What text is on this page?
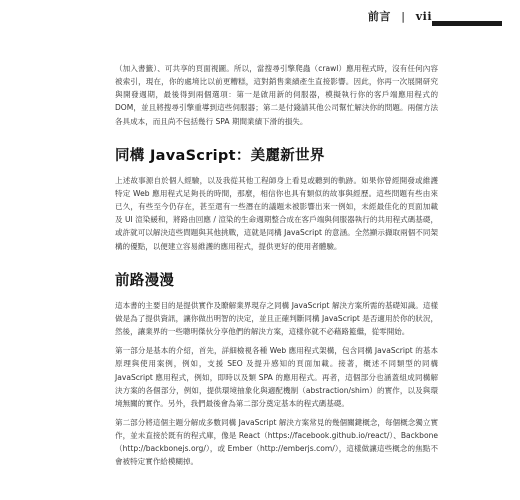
前言 | vii

（加入書籤）、可共享的頁面視圖。所以，當搜尋引擎爬蟲（crawl）應用程式時，沒有任何內容被索引，現在，你的處境比以前更糟糕，這對銷售業績產生直接影響。因此，你再一次展開研究與開發週期，最後得到兩個選項：第一是啟用新的伺服器，模擬執行你的客戶端應用程式的 DOM，並且將搜尋引擎重導到這些伺服器；第二是付錢請其他公司幫忙解決你的問題。兩個方法各具成本，而且尚不包括幾行 SPA 期間業績下滑的損失。

同構 JavaScript：美麗新世界

上述故事源自於個人經驗，以及我從其他工程師身上看見或聽到的軌跡。如果你曾經開發或維護特定 Web 應用程式足夠長的時間，那麼，相信你也具有類似的故事與經歷。這些問題有些由來已久，有些至今仍存在，甚至還有一些潛在的議題未被影響出來一例如，未經最佳化的頁面加載及 UI 渲染緩和，將路由回應 / 渲染的生命週期整合成在客戶端與伺服器執行的共用程式碼基礎，或許就可以解決這些問題與其他挑戰，這就是同構 JavaScript 的意涵。全然顯示擷取兩個不同架構的優點，以便建立容易維護的應用程式，提供更好的使用者體驗。

前路漫漫

這本書的主要目的是提供實作及瞭解業界現存之同構 JavaScript 解決方案所需的基礎知識。這樣做是為了提供資訊，讓你做出明智的決定，並且正確判斷同構 JavaScript 是否適用於你的狀況，然後，讓業界的一些聰明傑伙分享他們的解決方案，這樣你就不必藉路籃繼，從零開始。

第一部分是基本的介紹，首先，詳細檢視各種 Web 應用程式架構，包含同構 JavaScript 的基本原理與使用案例，例如，支援 SEO 及提升感知的頁面加載。接著，概述不同類型的同構 JavaScript 應用程式，例如，即時以及類 SPA 的應用程式。再者，這個部分也涵蓋組成同構解決方案的各個部分，例如，提供環境抽象化與適配機制（abstraction/shim）的實作，以及與環境無關的實作。另外，我們最後會為第二部分奠定基本的程式碼基礎。

第二部分將這個主題分解成多數同構 JavaScript 解決方案常見的幾個關鍵概念，每個概念獨立實作，並未直接於既有的程式庫，像是 React（https://facebook.github.io/react/）、Backbone（http://backbonejs.org/），或 Ember（http://emberjs.com/），這樣做讓這些概念的焦點不會被特定實作給模糊掉。
